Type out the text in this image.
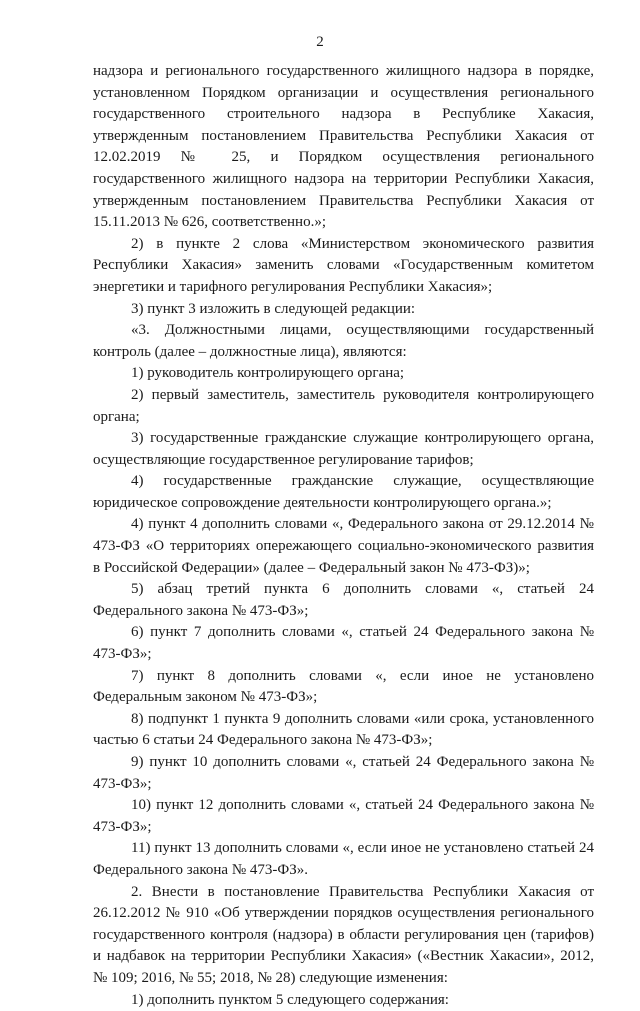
2

надзора и регионального государственного жилищного надзора в порядке, установленном Порядком организации и осуществления регионального государственного строительного надзора в Республике Хакасия, утвержденным постановлением Правительства Республики Хакасия от 12.02.2019 № 25, и Порядком осуществления регионального государственного жилищного надзора на территории Республики Хакасия, утвержденным постановлением Правительства Республики Хакасия от 15.11.2013 № 626, соответственно.»;

2) в пункте 2 слова «Министерством экономического развития Республики Хакасия» заменить словами «Государственным комитетом энергетики и тарифного регулирования Республики Хакасия»;

3) пункт 3 изложить в следующей редакции:

«3. Должностными лицами, осуществляющими государственный контроль (далее – должностные лица), являются:

1) руководитель контролирующего органа;

2) первый заместитель, заместитель руководителя контролирующего органа;

3) государственные гражданские служащие контролирующего органа, осуществляющие государственное регулирование тарифов;

4) государственные гражданские служащие, осуществляющие юридическое сопровождение деятельности контролирующего органа.»;

4) пункт 4 дополнить словами «, Федерального закона от 29.12.2014 № 473-ФЗ «О территориях опережающего социально-экономического развития в Российской Федерации» (далее – Федеральный закон № 473-ФЗ)»;

5) абзац третий пункта 6 дополнить словами «, статьей 24 Федерального закона № 473-ФЗ»;

6) пункт 7 дополнить словами «, статьей 24 Федерального закона № 473-ФЗ»;

7) пункт 8 дополнить словами «, если иное не установлено Федеральным законом № 473-ФЗ»;

8) подпункт 1 пункта 9 дополнить словами «или срока, установленного частью 6 статьи 24 Федерального закона № 473-ФЗ»;

9) пункт 10 дополнить словами «, статьей 24 Федерального закона № 473-ФЗ»;

10) пункт 12 дополнить словами «, статьей 24 Федерального закона № 473-ФЗ»;

11) пункт 13 дополнить словами «, если иное не установлено статьей 24 Федерального закона № 473-ФЗ».

2. Внести в постановление Правительства Республики Хакасия от 26.12.2012 № 910 «Об утверждении порядков осуществления регионального государственного контроля (надзора) в области регулирования цен (тарифов) и надбавок на территории Республики Хакасия» («Вестник Хакасии», 2012, № 109; 2016, № 55; 2018, № 28) следующие изменения:

1) дополнить пунктом 5 следующего содержания:
